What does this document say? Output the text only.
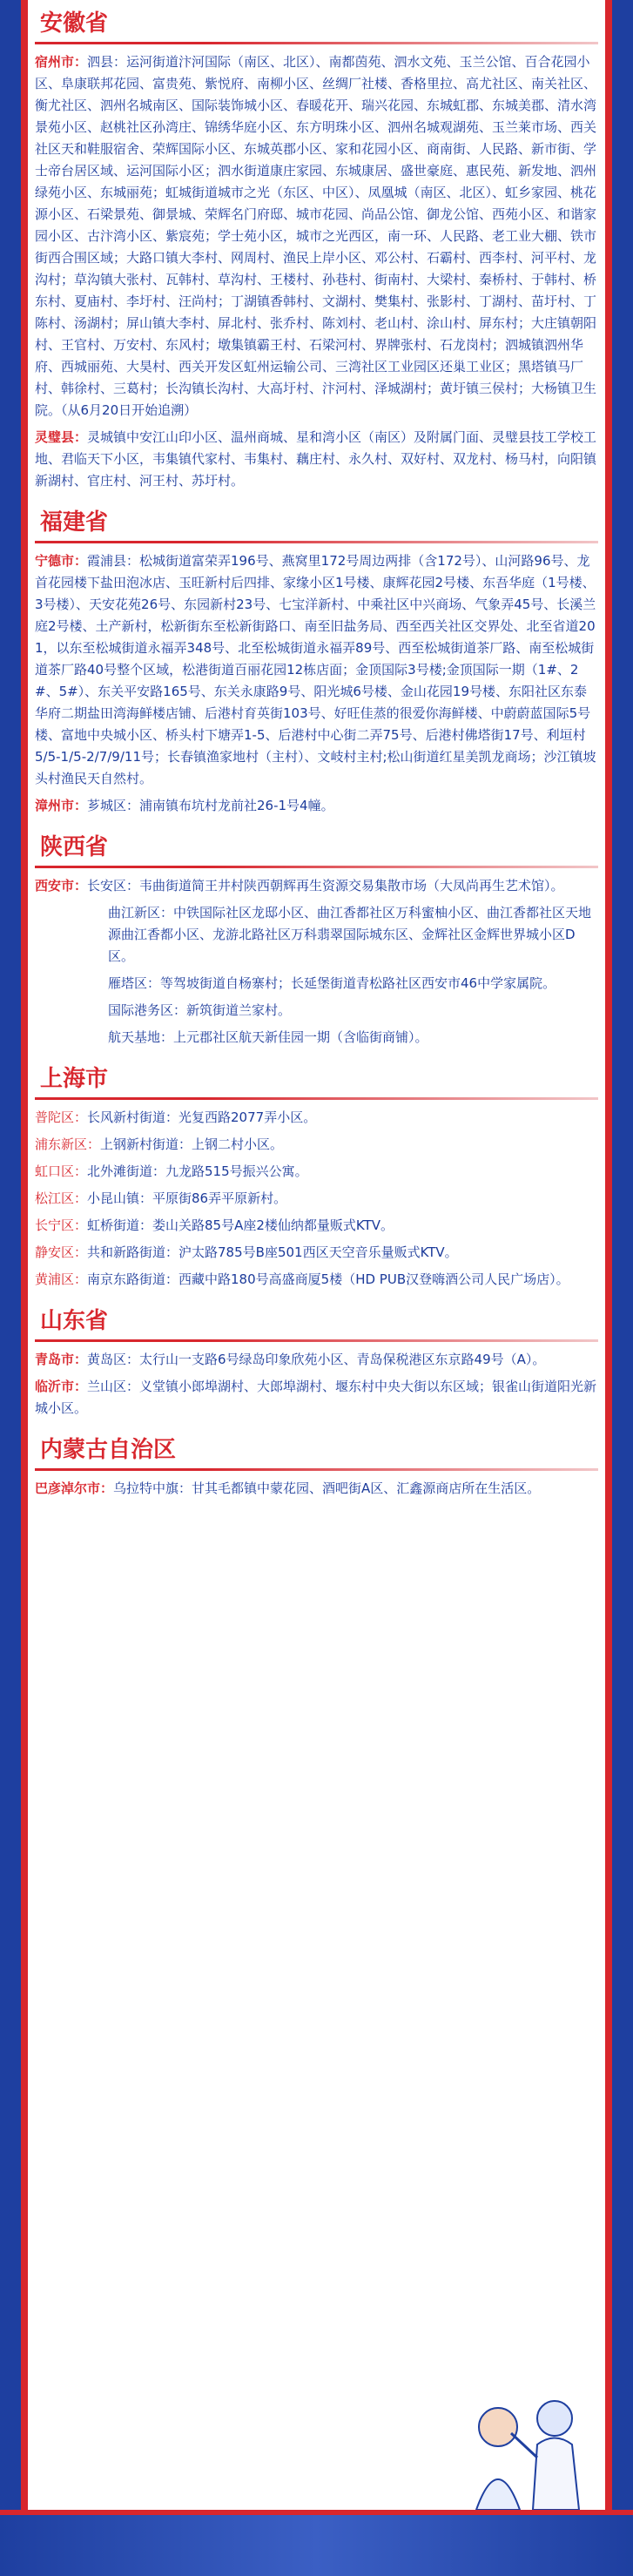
安徽省
宿州市：泗县：运河街道汴河国际（南区、北区）、南都茵苑、泗水文苑、玉兰公馆、百合花园小区、阜康联邦花园、富贵苑、紫悦府、南柳小区、丝绸厂社楼、香格里拉、高尤社区、南关社区、衡尤社区、泗州名城南区、国际装饰城小区、春暖花开、瑞兴花园、东城虹郡、东城美郡、清水湾景苑小区、赵桃社区孙湾庄、锦绣华庭小区、东方明珠小区、泗州名城观湖苑、玉兰莱市场、西关社区天和鞋服宿舍、荣辉国际小区、东城英郡小区、家和花园小区、商南街、人民路、新市街、学士帝台居区域、运河国际小区；泗水街道康庄家园、东城康居、盛世豪庭、惠民苑、新发地、泗州绿苑小区、东城丽苑；虹城街道城市之光（东区、中区）、凤凰城（南区、北区）、虹乡家园、桃花源小区、石梁景苑、御景城、荣辉名门府邸、城市花园、尚品公馆、御龙公馆、西苑小区、和谐家园小区、古汴湾小区、紫宸苑；学士苑小区，城市之光西区，南一环、人民路、老工业大棚、铁市街西合围区域；大路口镇大李村、网周村、渔民上岸小区、邓公村、石霸村、西李村、河平村、龙沟村；草沟镇大张村、瓦韩村、草沟村、王楼村、孙巷村、街南村、大梁村、秦桥村、于韩村、桥东村、夏庙村、李圩村、汪尚村；丁湖镇香韩村、文湖村、樊集村、张影村、丁湖村、苗圩村、丁陈村、汤湖村；屏山镇大李村、屏北村、张乔村、陈刘村、老山村、涂山村、屏东村；大庄镇朝阳村、王官村、万安村、东风村；墩集镇霸王村、石梁河村、界牌张村、石龙岗村；泗城镇泗州华府、西城丽苑、大昊村、西关开发区虹州运输公司、三湾社区工业园区还巢工业区；黑塔镇马厂村、韩徐村、三葛村；长沟镇长沟村、大高圩村、汴河村、泽城湖村；黄圩镇三侯村；大杨镇卫生院。（从6月20日开始追溯）
灵璧县：灵城镇中安江山印小区、温州商城、星和湾小区（南区）及附属门面、灵璧县技工学校工地、君临天下小区，韦集镇代家村、韦集村、藕庄村、永久村、双好村、双龙村、杨马村，向阳镇新湖村、官庄村、河王村、苏圩村。
福建省
宁德市：霞浦县：松城街道富荣弄196号、燕窝里172号周边两排（含172号）、山河路96号、龙首花园楼下盐田泡冰店、玉旺新村后四排、家缘小区1号楼、康辉花园2号楼、东吾华庭（1号楼、3号楼）、天安花苑26号、东园新村23号、七宝洋新村、中乘社区中兴商场、气象弄45号、长溪兰庭2号楼、土产新村，松新街东至松新街路口、南至旧盐务局、西至西关社区交界处、北至省道201，以东至松城街道永福弄348号、北至松城街道永福弄89号、西至松城街道茶厂路、南至松城街道茶厂路40号整个区域，松港街道百丽花园12栋店面；金顶国际3号楼;金顶国际一期（1#、2#、5#）、东关平安路165号、东关永康路9号、阳光城6号楼、金山花园19号楼、东阳社区东泰华府二期盐田湾海鲜楼店铺、后港村育英街103号、好旺佳蒸的很爱你海鲜楼、中蔚蔚蓝国际5号楼、富地中央城小区、桥头村下塘弄1-5、后港村中心街二弄75号、后港村佛塔街17号、利垣村5/5-1/5-2/7/9/11号；长春镇渔家地村（主村）、文岐村主村;松山街道红星美凯龙商场；沙江镇坡头村渔民天自然村。
漳州市：芗城区：浦南镇布坑村龙前社26-1号4幢。
陕西省
西安市：长安区：韦曲街道简王井村陕西朝辉再生资源交易集散市场（大凤尚再生艺术馆）。
曲江新区：中铁国际社区龙邸小区、曲江香都社区万科蜜柚小区、曲江香都社区天地源曲江香都小区、龙游北路社区万科翡翠国际城东区、金辉社区金辉世界城小区D区。
雁塔区：等驾坡街道自杨寨村；长延堡街道青松路社区西安市46中学家属院。
国际港务区：新筑街道兰家村。
航天基地：上元郡社区航天新佳园一期（含临街商铺）。
上海市
普陀区：长风新村街道：光复西路2077弄小区。
浦东新区：上钢新村街道：上钢二村小区。
虹口区：北外滩街道：九龙路515号振兴公寓。
松江区：小昆山镇：平原街86弄平原新村。
长宁区：虹桥街道：娄山关路85号A座2楼仙纳都量贩式KTV。
静安区：共和新路街道：沪太路785号B座501西区天空音乐量贩式KTV。
黄浦区：南京东路街道：西藏中路180号高盛商厦5楼（HD PUB汉登嗨酒公司人民广场店）。
山东省
青岛市：黄岛区：太行山一支路6号绿岛印象欣苑小区、青岛保税港区东京路49号（A）。
临沂市：兰山区：义堂镇小郎埠湖村、大郎埠湖村、堰东村中央大街以东区域；银雀山街道阳光新城小区。
内蒙古自治区
巴彦淖尔市：乌拉特中旗：甘其毛都镇中蒙花园、酒吧街A区、汇鑫源商店所在生活区。
